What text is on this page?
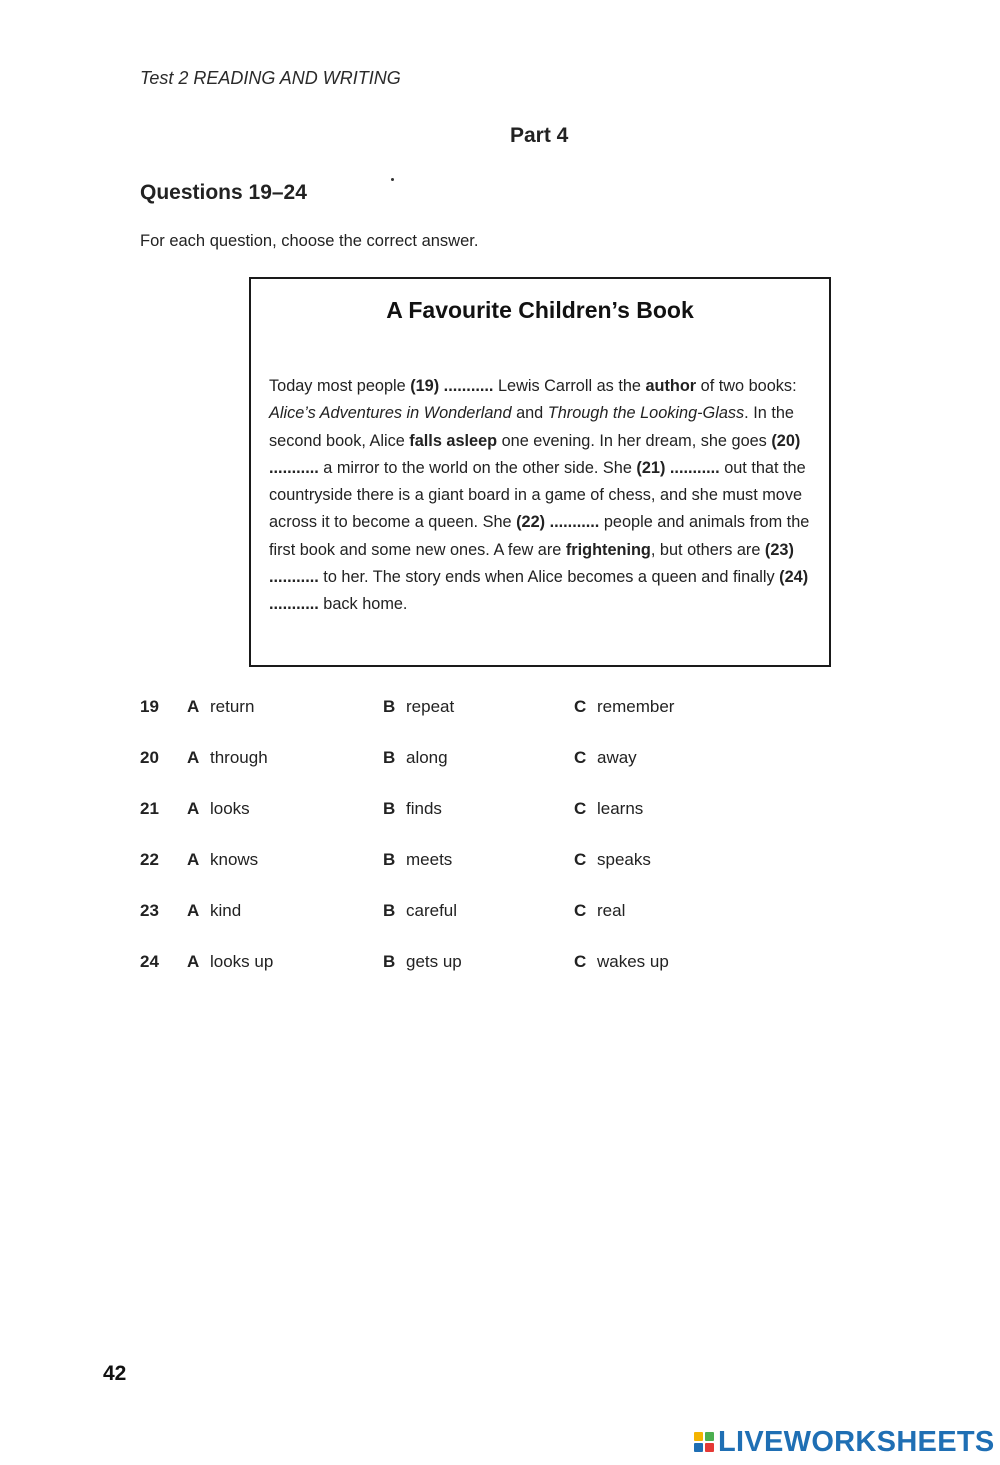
Test 2 READING AND WRITING
Part 4
Questions 19–24
For each question, choose the correct answer.
A Favourite Children’s Book
Today most people (19) ........... Lewis Carroll as the author of two books: Alice’s Adventures in Wonderland and Through the Looking-Glass. In the second book, Alice falls asleep one evening. In her dream, she goes (20) ........... a mirror to the world on the other side. She (21) ........... out that the countryside there is a giant board in a game of chess, and she must move across it to become a queen. She (22) ........... people and animals from the first book and some new ones. A few are frightening, but others are (23) ........... to her. The story ends when Alice becomes a queen and finally (24) ........... back home.
19 A return	B repeat	C remember
20 A through	B along	C away
21 A looks	B finds	C learns
22 A knows	B meets	C speaks
23 A kind	B careful	C real
24 A looks up	B gets up	C wakes up
42
LIVEWORKSHEETS
